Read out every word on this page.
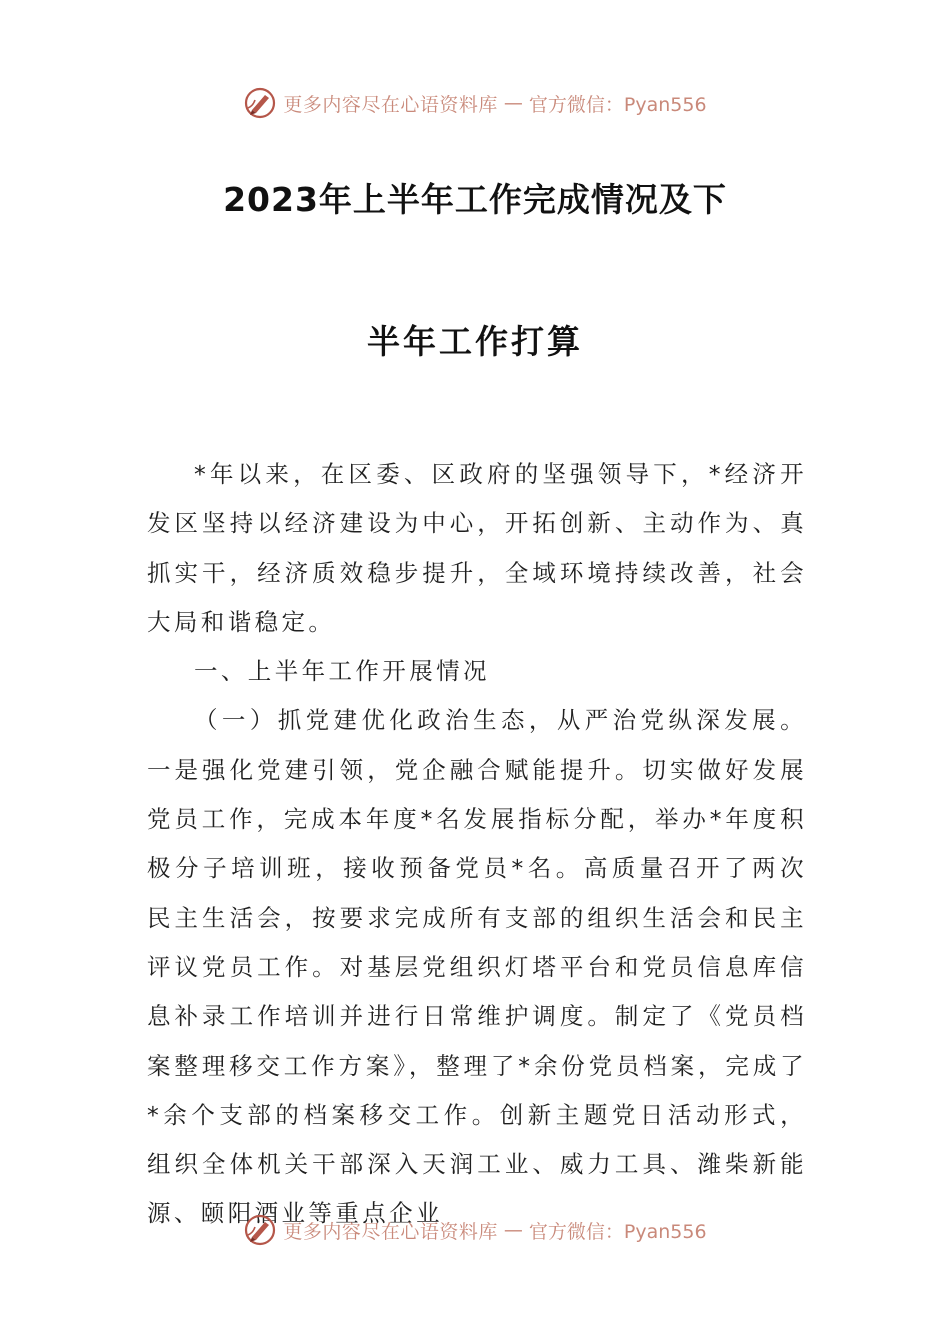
更多内容尽在心语资料库 — 官方微信：Pyan556
2023年上半年工作完成情况及下
半年工作打算

*年以来，在区委、区政府的坚强领导下，*经济开发区坚持以经济建设为中心，开拓创新、主动作为、真抓实干，经济质效稳步提升，全域环境持续改善，社会大局和谐稳定。

一、上半年工作开展情况

（一）抓党建优化政治生态，从严治党纵深发展。一是强化党建引领，党企融合赋能提升。切实做好发展党员工作，完成本年度*名发展指标分配，举办*年度积极分子培训班，接收预备党员*名。高质量召开了两次民主生活会，按要求完成所有支部的组织生活会和民主评议党员工作。对基层党组织灯塔平台和党员信息库信息补录工作培训并进行日常维护调度。制定了《党员档案整理移交工作方案》，整理了*余份党员档案，完成了*余个支部的档案移交工作。创新主题党日活动形式，组织全体机关干部深入天润工业、威力工具、潍柴新能源、颐阳酒业等重点企业

更多内容尽在心语资料库 — 官方微信：Pyan556
